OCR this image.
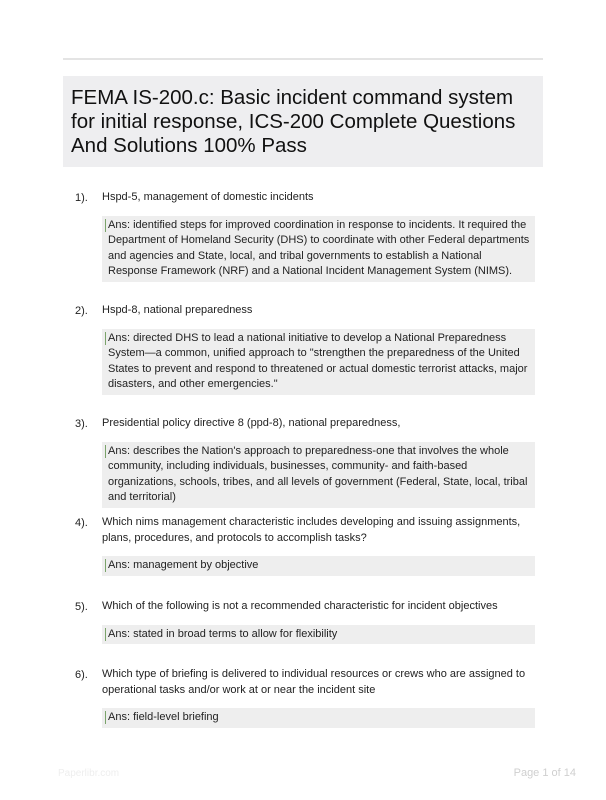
FEMA IS-200.c: Basic incident command system for initial response, ICS-200 Complete Questions And Solutions 100% Pass
1). Hspd-5, management of domestic incidents
Ans: identified steps for improved coordination in response to incidents. It required the Department of Homeland Security (DHS) to coordinate with other Federal departments and agencies and State, local, and tribal governments to establish a National Response Framework (NRF) and a National Incident Management System (NIMS).
2). Hspd-8, national preparedness
Ans: directed DHS to lead a national initiative to develop a National Preparedness System—a common, unified approach to "strengthen the preparedness of the United States to prevent and respond to threatened or actual domestic terrorist attacks, major disasters, and other emergencies."
3). Presidential policy directive 8 (ppd-8), national preparedness,
Ans: describes the Nation's approach to preparedness-one that involves the whole community, including individuals, businesses, community- and faith-based organizations, schools, tribes, and all levels of government (Federal, State, local, tribal and territorial)
4). Which nims management characteristic includes developing and issuing assignments, plans, procedures, and protocols to accomplish tasks?
Ans: management by objective
5). Which of the following is not a recommended characteristic for incident objectives
Ans: stated in broad terms to allow for flexibility
6). Which type of briefing is delivered to individual resources or crews who are assigned to operational tasks and/or work at or near the incident site
Ans: field-level briefing
Paperlibr.com	Page 1 of 14
